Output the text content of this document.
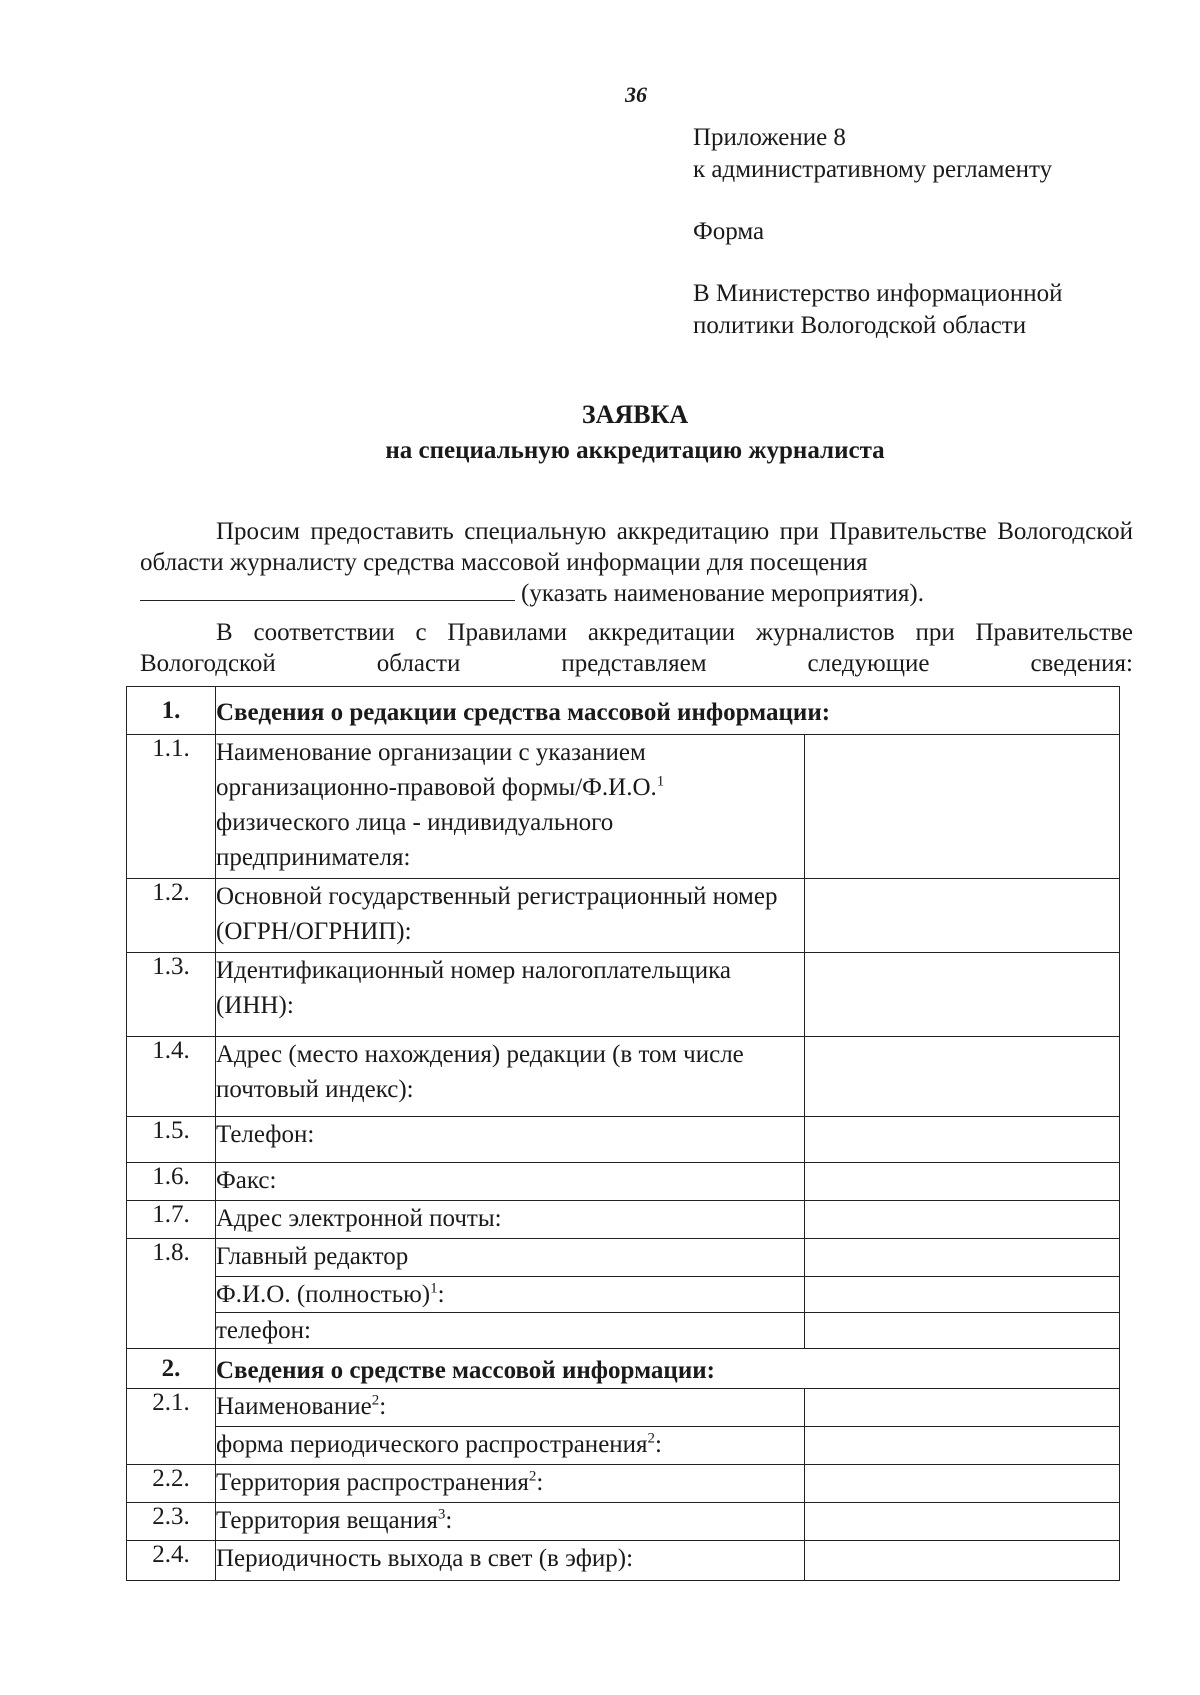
36

Приложение 8

к административному регламенту

Форма

В Министерство информационной

политики Вологодской области

ЗАЯВКА
на специальную аккредитацию журналиста
Просим предоставить специальную аккредитацию при Правительстве Вологодской области журналисту средства массовой информации для посещения
(указать наименование мероприятия).
В соответствии с Правилами аккредитации журналистов при Правительстве Вологодской области представляем следующие сведения:
1.	Сведения о редакции средства массовой информации:	
1.1.	Наименование организации с указанием организационно-правовой формы/Ф.И.О.$^1$ физического лица - индивидуального предпринимателя:	
1.2.	Основной государственный регистрационный номер (ОГРН/ОГРНИП):	
1.3.	Идентификационный номер налогоплательщика (ИНН):	
1.4.	Адрес (место нахождения) редакции (в том числе почтовый индекс):	
1.5.	Телефон:	
1.6.	Факс:	
1.7.	Адрес электронной почты:	
1.8.	Главный редактор	
	Ф.И.О. (полностью)$^1$:	
	телефон:	
2.	Сведения о средстве массовой информации:	
2.1.	Наименование$^2$:	
	форма периодического распространения$^2$:	
2.2.	Территория распространения$^2$:	
2.3.	Территория вещания$^3$:	
2.4.	Периодичность выхода в свет (в эфир):	
